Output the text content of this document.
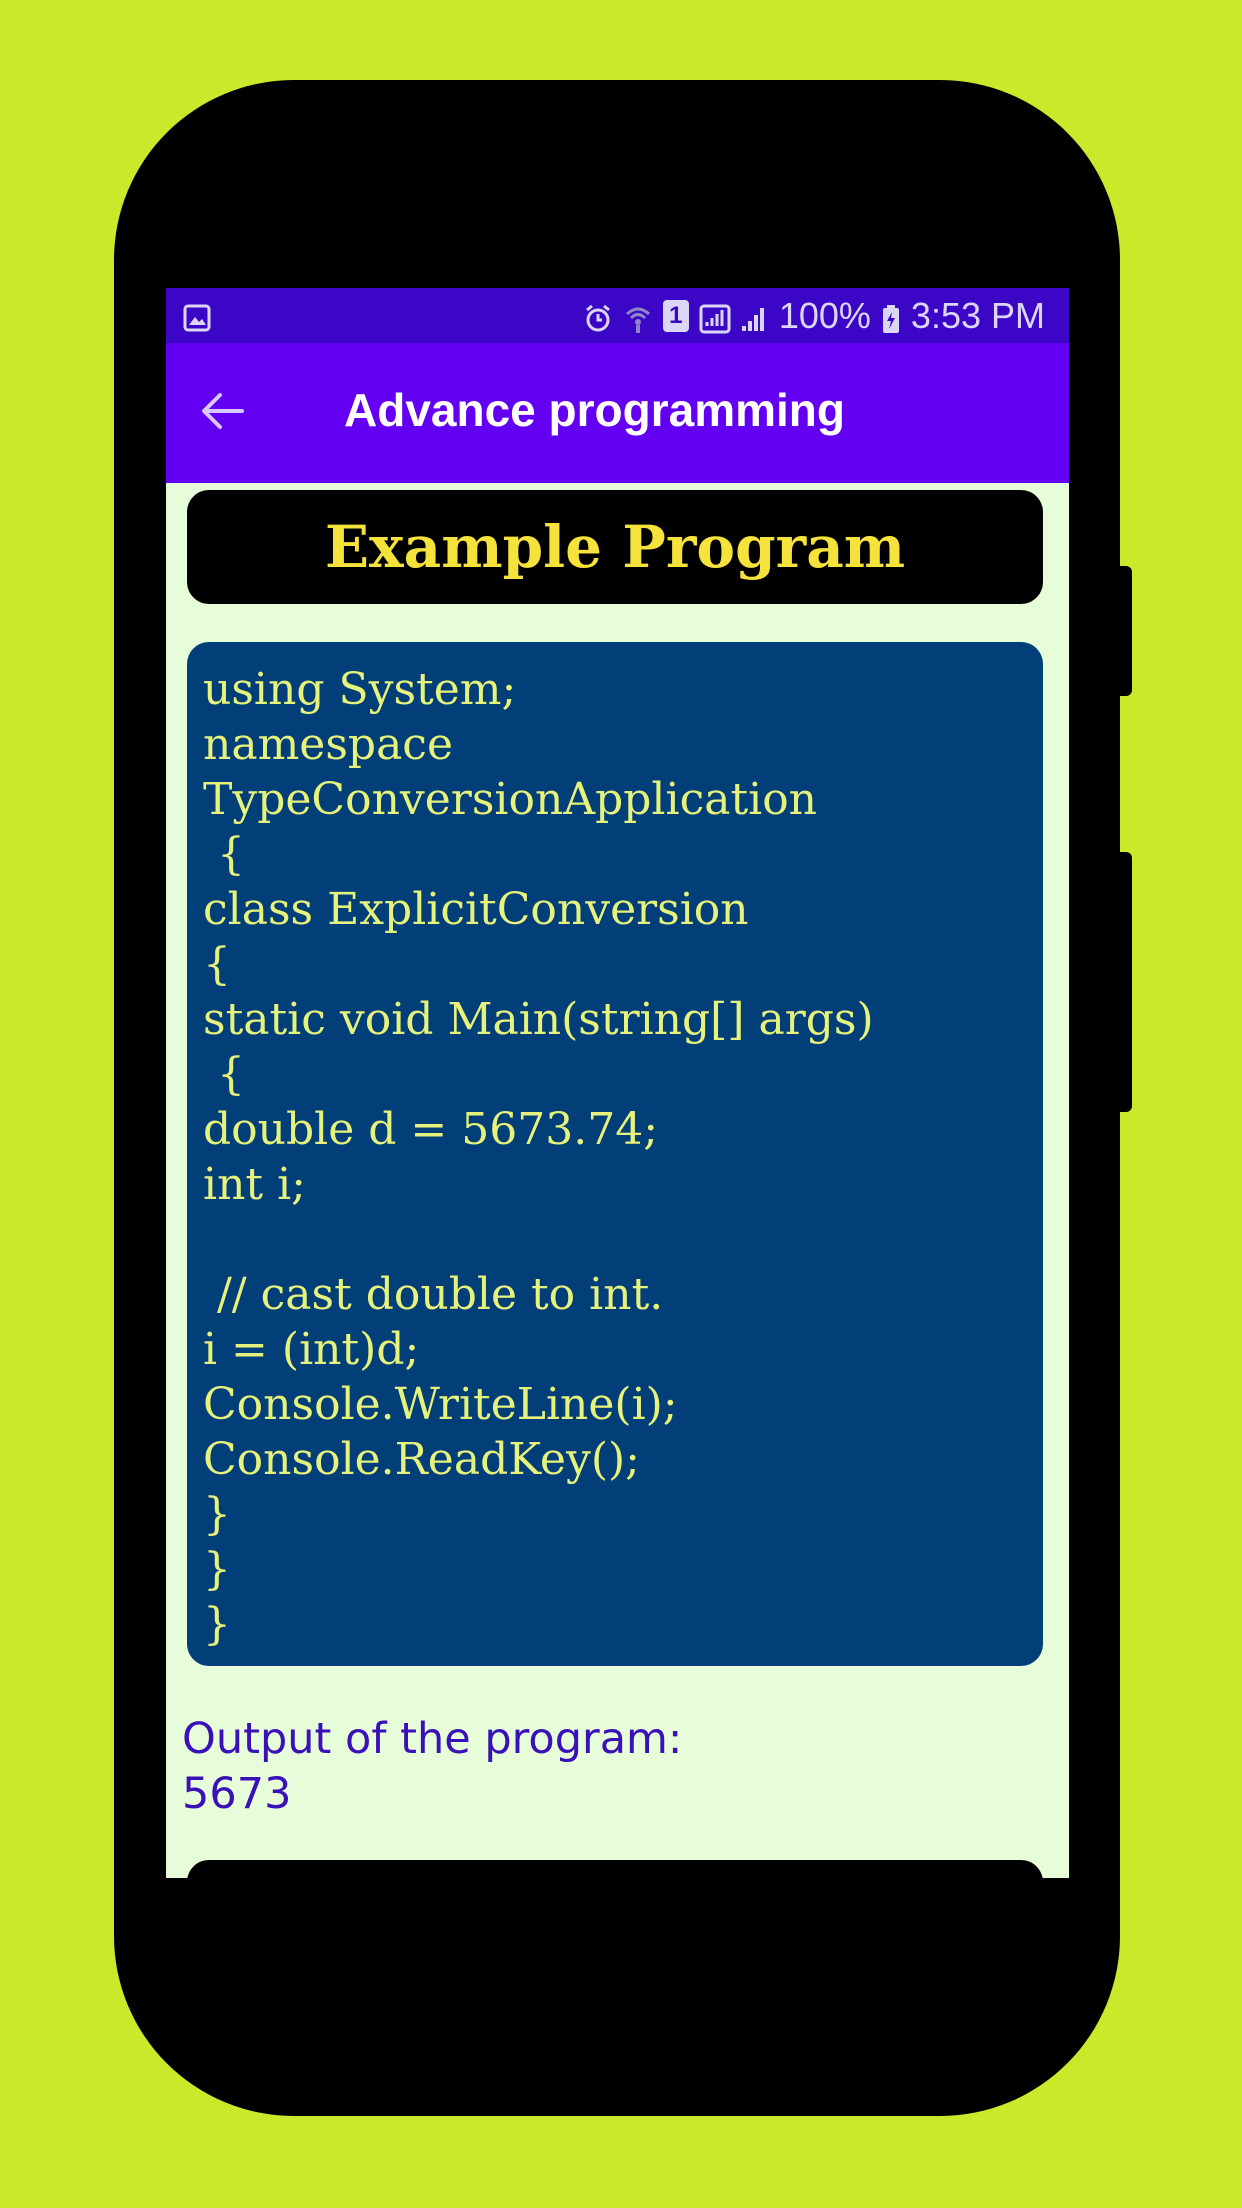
1	100% 3:53 PM
Advance programming
Example Program
using System;
namespace
TypeConversionApplication
{
class ExplicitConversion
{
static void Main(string[] args)
{
double d = 5673.74;
int i;
// cast double to int.
i = (int)d;
Console.WriteLine(i);
Console.ReadKey();
}
}
}
Output of the program:
5673
